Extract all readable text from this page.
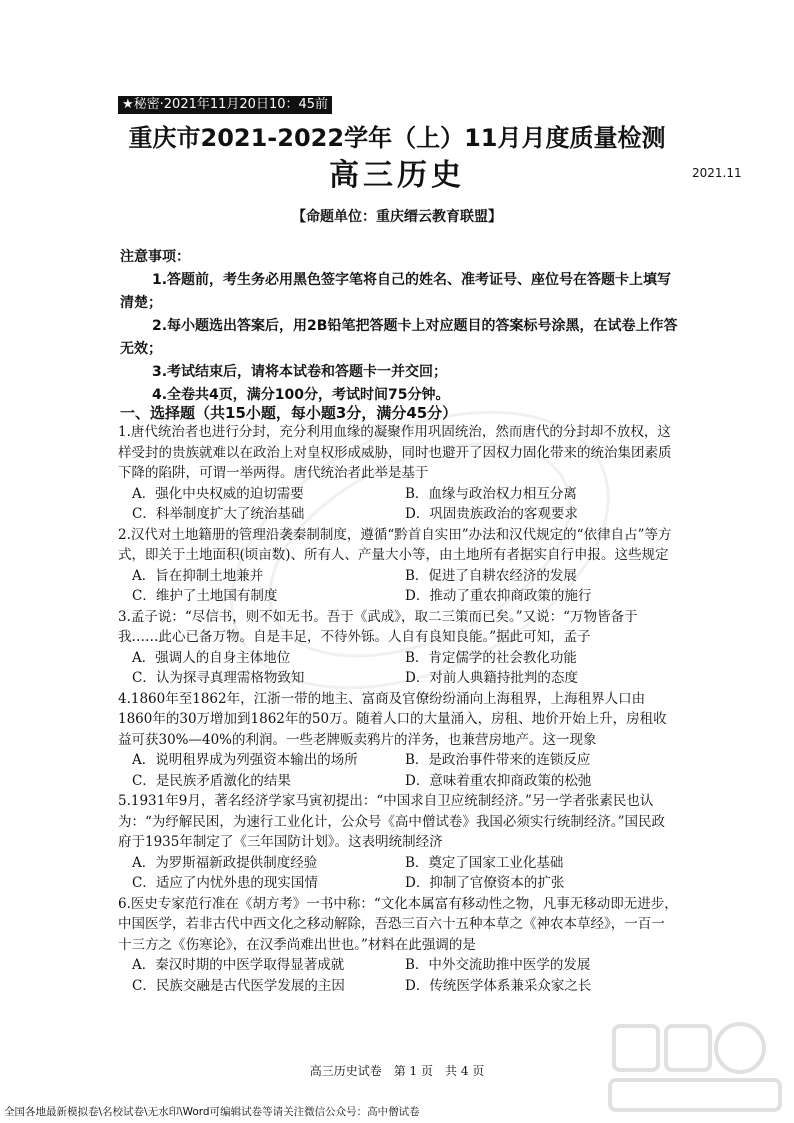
★秘密·2021年11月20日10：45前
重庆市2021-2022学年（上）11月月度质量检测
高三历史	2021.11
【命题单位：重庆缙云教育联盟】
注意事项：
1.答题前，考生务必用黑色签字笔将自己的姓名、准考证号、座位号在答题卡上填写清楚；
2.每小题选出答案后，用2B铅笔把答题卡上对应题目的答案标号涂黑，在试卷上作答无效；
3.考试结束后，请将本试卷和答题卡一并交回；
4.全卷共4页，满分100分，考试时间75分钟。
一、选择题（共15小题，每小题3分，满分45分）
1.唐代统治者也进行分封，充分利用血缘的凝聚作用巩固统治，然而唐代的分封却不放权，这样受封的贵族就难以在政治上对皇权形成威胁，同时也避开了因权力固化带来的统治集团素质下降的陷阱，可谓一举两得。唐代统治者此举是基于
A．强化中央权威的迫切需要	B．血缘与政治权力相互分离
C．科举制度扩大了统治基础	D．巩固贵族政治的客观要求
2.汉代对土地籍册的管理沿袭秦制制度，遵循“黔首自实田”办法和汉代规定的“依律自占”等方式，即关于土地面积(顷亩数)、所有人、产量大小等，由土地所有者据实自行申报。这些规定
A．旨在抑制土地兼并	B．促进了自耕农经济的发展
C．维护了土地国有制度	D．推动了重农抑商政策的施行
3.孟子说：“尽信书，则不如无书。吾于《武成》，取二三策而已矣。”又说：“万物皆备于我……此心已备万物。自是丰足，不待外铄。人自有良知良能。”据此可知，孟子
A．强调人的自身主体地位	B．肯定儒学的社会教化功能
C．认为探寻真理需格物致知	D．对前人典籍持批判的态度
4.1860年至1862年，江浙一带的地主、富商及官僚纷纷涌向上海租界，上海租界人口由1860年的30万增加到1862年的50万。随着人口的大量涌入，房租、地价开始上升，房租收益可获30%—40%的利润。一些老牌贩卖鸦片的洋务，也兼营房地产。这一现象
A．说明租界成为列强资本输出的场所	B．是政治事件带来的连锁反应
C．是民族矛盾激化的结果	D．意味着重农抑商政策的松弛
5.1931年9月，著名经济学家马寅初提出：“中国求自卫应统制经济。”另一学者张素民也认为：“为纾解民困，为速行工业化计，公众号《高中僧试卷》我国必须实行统制经济。”国民政府于1935年制定了《三年国防计划》。这表明统制经济
A．为罗斯福新政提供制度经验	B．奠定了国家工业化基础
C．适应了内忧外患的现实国情	D．抑制了官僚资本的扩张
6.医史专家范行准在《胡方考》一书中称：“文化本属富有移动性之物，凡事无移动即无进步，中国医学，若非古代中西文化之移动解除，吾恐三百六十五种本草之《神农本草经》，一百一十三方之《伤寒论》，在汉季尚难出世也。”材料在此强调的是
A．秦汉时期的中医学取得显著成就	B．中外交流助推中医学的发展
C．民族交融是古代医学发展的主因	D．传统医学体系兼采众家之长
高三历史试卷　第 1 页　共 4 页
全国各地最新模拟卷\名校试卷\无水印\Word可编辑试卷等请关注微信公众号：高中僧试卷
